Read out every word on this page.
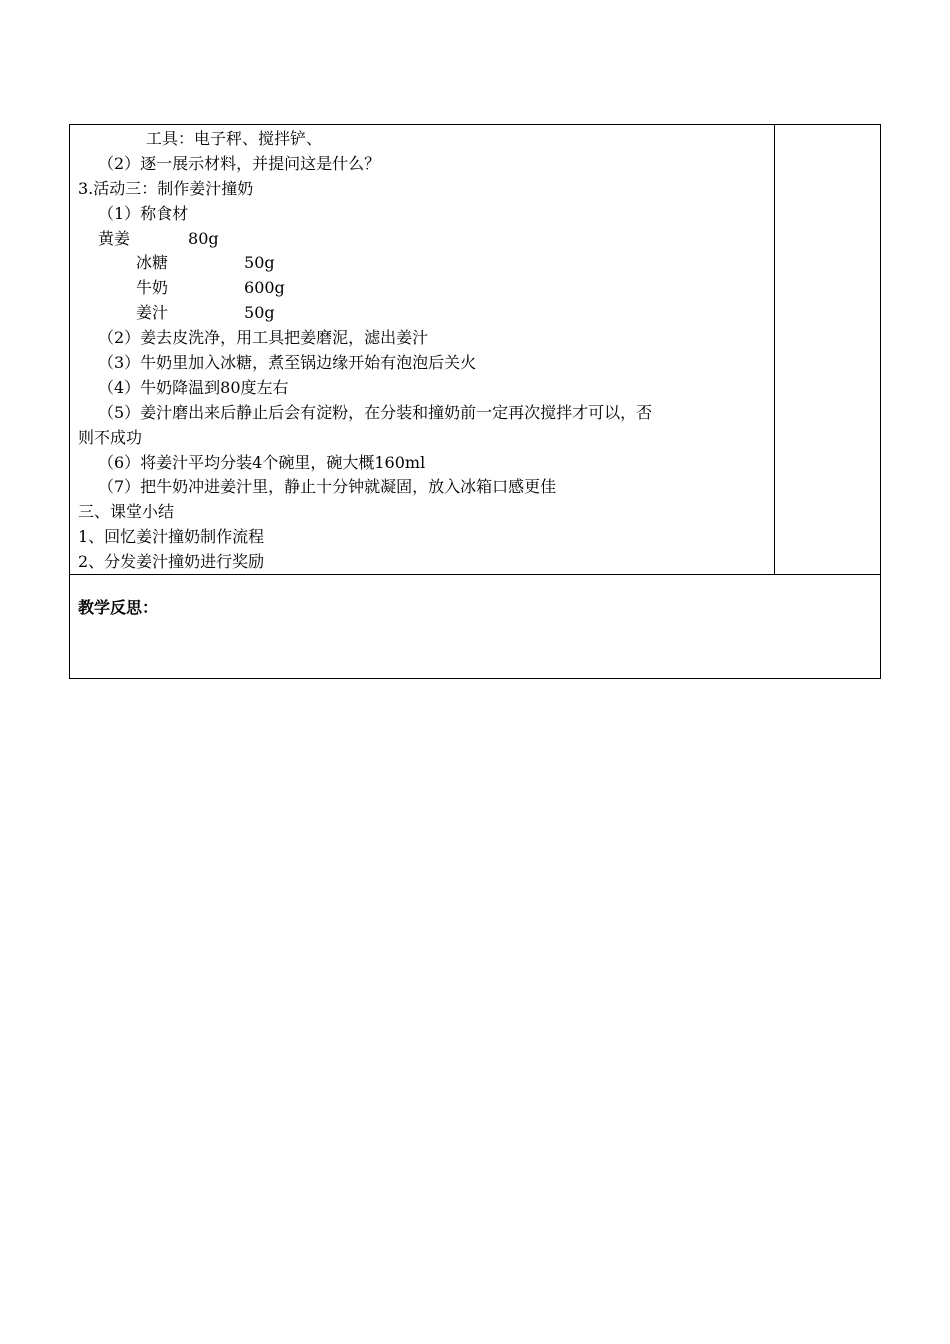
工具：电子秤、搅拌铲、
（2）逐一展示材料，并提问这是什么？
3.活动三：制作姜汁撞奶
（1）称食材
黄姜	80g
冰糖	50g
牛奶	600g
姜汁	50g
（2）姜去皮洗净，用工具把姜磨泥，滤出姜汁
（3）牛奶里加入冰糖，煮至锅边缘开始有泡泡后关火
（4）牛奶降温到80度左右
（5）姜汁磨出来后静止后会有淀粉，在分装和撞奶前一定再次搅拌才可以，否
则不成功
（6）将姜汁平均分装4个碗里，碗大概160ml
（7）把牛奶冲进姜汁里，静止十分钟就凝固，放入冰箱口感更佳
三、课堂小结
1、回忆姜汁撞奶制作流程
2、分发姜汁撞奶进行奖励
教学反思：
